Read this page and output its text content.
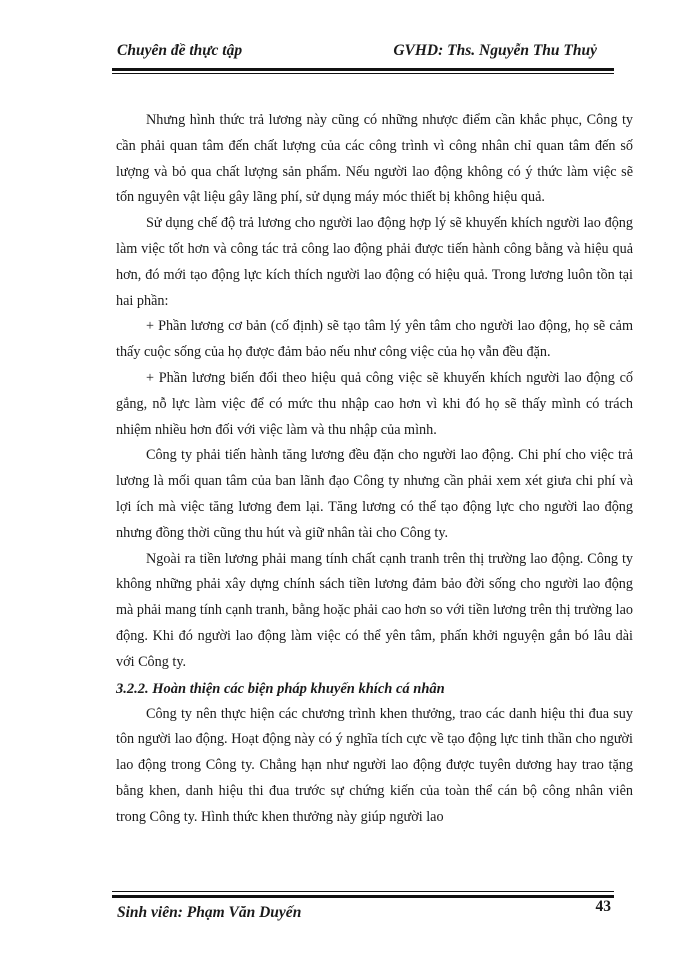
Chuyên đề thực tập	GVHD: Ths. Nguyễn Thu Thuỷ

Nhưng hình thức trả lương này cũng có những nhược điểm cần khắc phục, Công ty cần phải quan tâm đến chất lượng của các công trình vì công nhân chỉ quan tâm đến số lượng và bỏ qua chất lượng sản phẩm. Nếu người lao động không có ý thức làm việc sẽ tốn nguyên vật liệu gây lãng phí, sử dụng máy móc thiết bị không hiệu quả.

Sử dụng chế độ trả lương cho người lao động hợp lý sẽ khuyến khích người lao động làm việc tốt hơn và công tác trả công lao động phải được tiến hành công bằng và hiệu quả hơn, đó mới tạo động lực kích thích người lao động có hiệu quả. Trong lương luôn tồn tại hai phần:

+ Phần lương cơ bản (cố định) sẽ tạo tâm lý yên tâm cho người lao động, họ sẽ cảm thấy cuộc sống của họ được đảm bảo nếu như công việc của họ vẫn đều đặn.

+ Phần lương biến đổi theo hiệu quả công việc sẽ khuyến khích người lao động cố gắng, nỗ lực làm việc để có mức thu nhập cao hơn vì khi đó họ sẽ thấy mình có trách nhiệm nhiều hơn đối với việc làm và thu nhập của mình.

Công ty phải tiến hành tăng lương đều đặn cho người lao động. Chi phí cho việc trả lương là mối quan tâm của ban lãnh đạo Công ty nhưng cần phải xem xét giưa chi phí và lợi ích mà việc tăng lương đem lại. Tăng lương có thể tạo động lực cho người lao động nhưng đồng thời cũng thu hút và giữ nhân tài cho Công ty.

Ngoài ra tiền lương phải mang tính chất cạnh tranh trên thị trường lao động. Công ty không những phải xây dựng chính sách tiền lương đảm bảo đời sống cho người lao động mà phải mang tính cạnh tranh, bằng hoặc phải cao hơn so với tiền lương trên thị trường lao động. Khi đó người lao động làm việc có thể yên tâm, phấn khởi nguyện gắn bó lâu dài với Công ty.

3.2.2. Hoàn thiện các biện pháp khuyến khích cá nhân

Công ty nên thực hiện các chương trình khen thưởng, trao các danh hiệu thi đua suy tôn người lao động. Hoạt động này có ý nghĩa tích cực về tạo động lực tinh thần cho người lao động trong Công ty. Chẳng hạn như người lao động được tuyên dương hay trao tặng bằng khen, danh hiệu thi đua trước sự chứng kiến của toàn thể cán bộ công nhân viên trong Công ty. Hình thức khen thưởng này giúp người lao

Sinh viên: Phạm Văn Duyến	43
